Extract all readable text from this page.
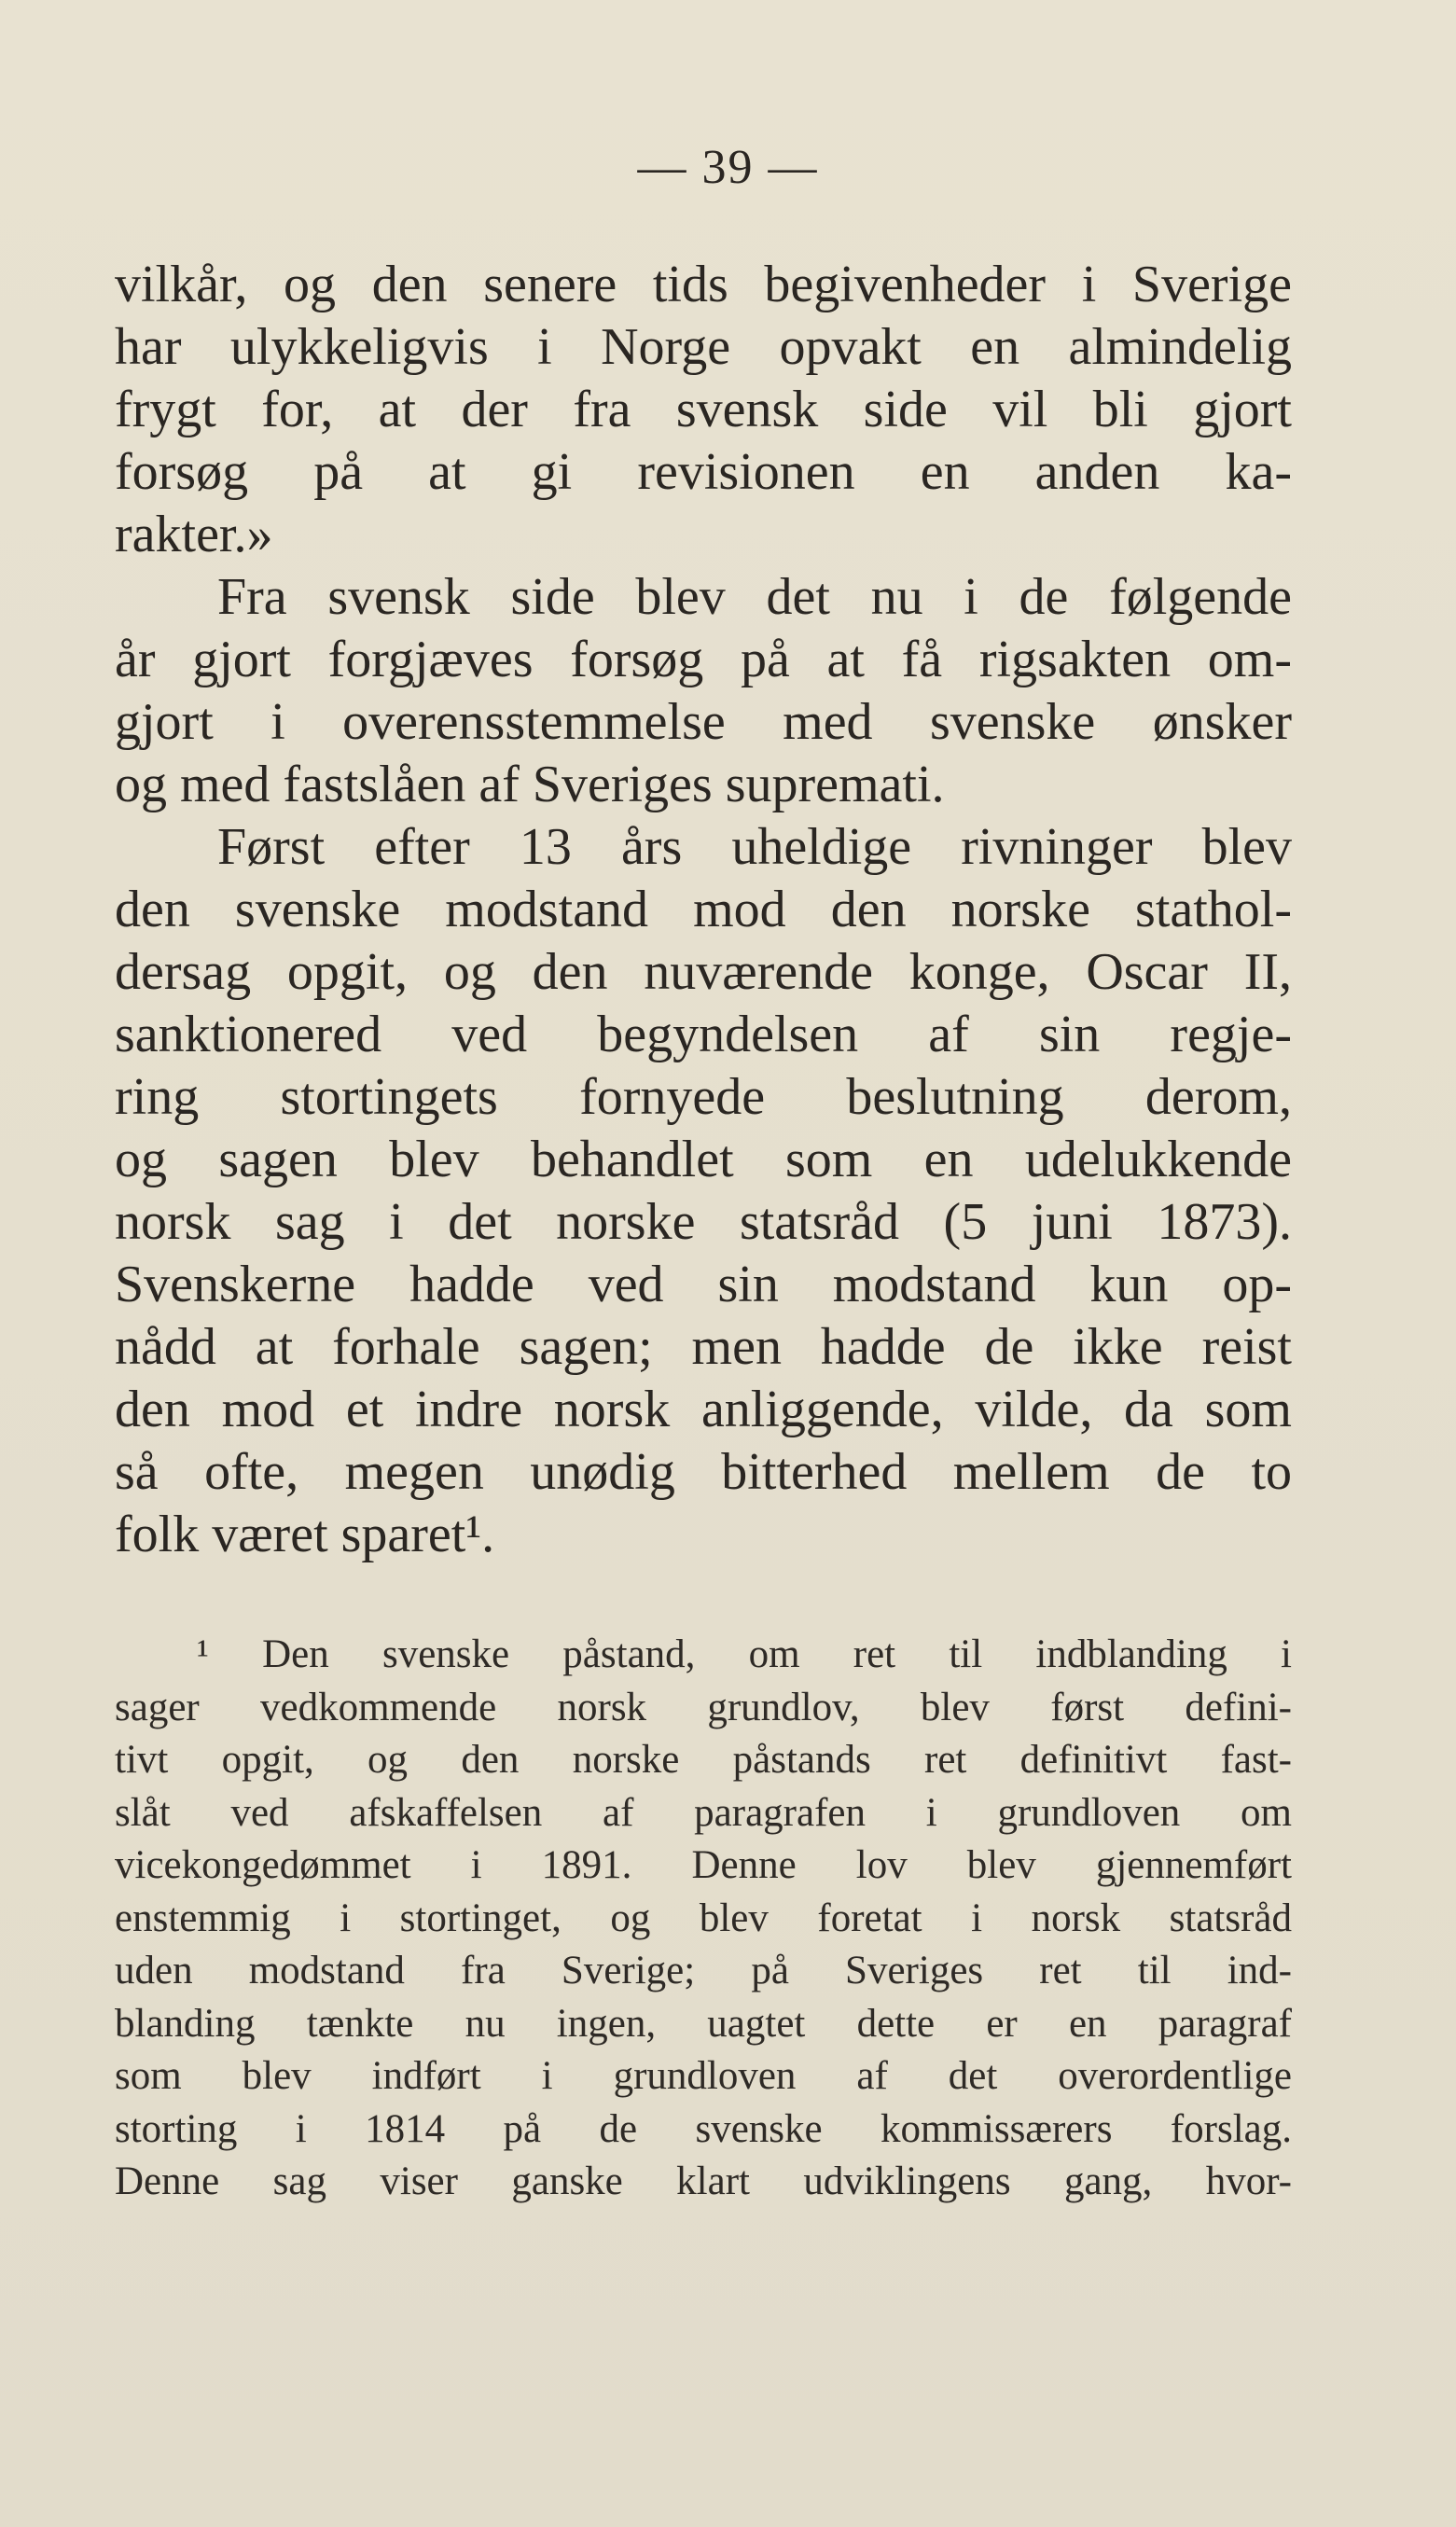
— 39 —
vilkår, og den senere tids begivenheder i Sverige
har ulykkeligvis i Norge opvakt en almindelig
frygt for, at der fra svensk side vil bli gjort
forsøg på at gi revisionen en anden ka-
rakter.»
Fra svensk side blev det nu i de følgende
år gjort forgjæves forsøg på at få rigsakten om-
gjort i overensstemmelse med svenske ønsker
og med fastslåen af Sveriges supremati.
Først efter 13 års uheldige rivninger blev
den svenske modstand mod den norske stathol-
dersag opgit, og den nuværende konge, Oscar II,
sanktionered ved begyndelsen af sin regje-
ring stortingets fornyede beslutning derom,
og sagen blev behandlet som en udelukkende
norsk sag i det norske statsråd (5 juni 1873).
Svenskerne hadde ved sin modstand kun op-
nådd at forhale sagen; men hadde de ikke reist
den mod et indre norsk anliggende, vilde, da som
så ofte, megen unødig bitterhed mellem de to
folk været sparet¹.
¹ Den svenske påstand, om ret til indblanding i
sager vedkommende norsk grundlov, blev først defini-
tivt opgit, og den norske påstands ret definitivt fast-
slåt ved afskaffelsen af paragrafen i grundloven om
vicekongedømmet i 1891. Denne lov blev gjennemført
enstemmig i stortinget, og blev foretat i norsk statsråd
uden modstand fra Sverige; på Sveriges ret til ind-
blanding tænkte nu ingen, uagtet dette er en paragraf
som blev indført i grundloven af det overordentlige
storting i 1814 på de svenske kommissærers forslag.
Denne sag viser ganske klart udviklingens gang, hvor-
